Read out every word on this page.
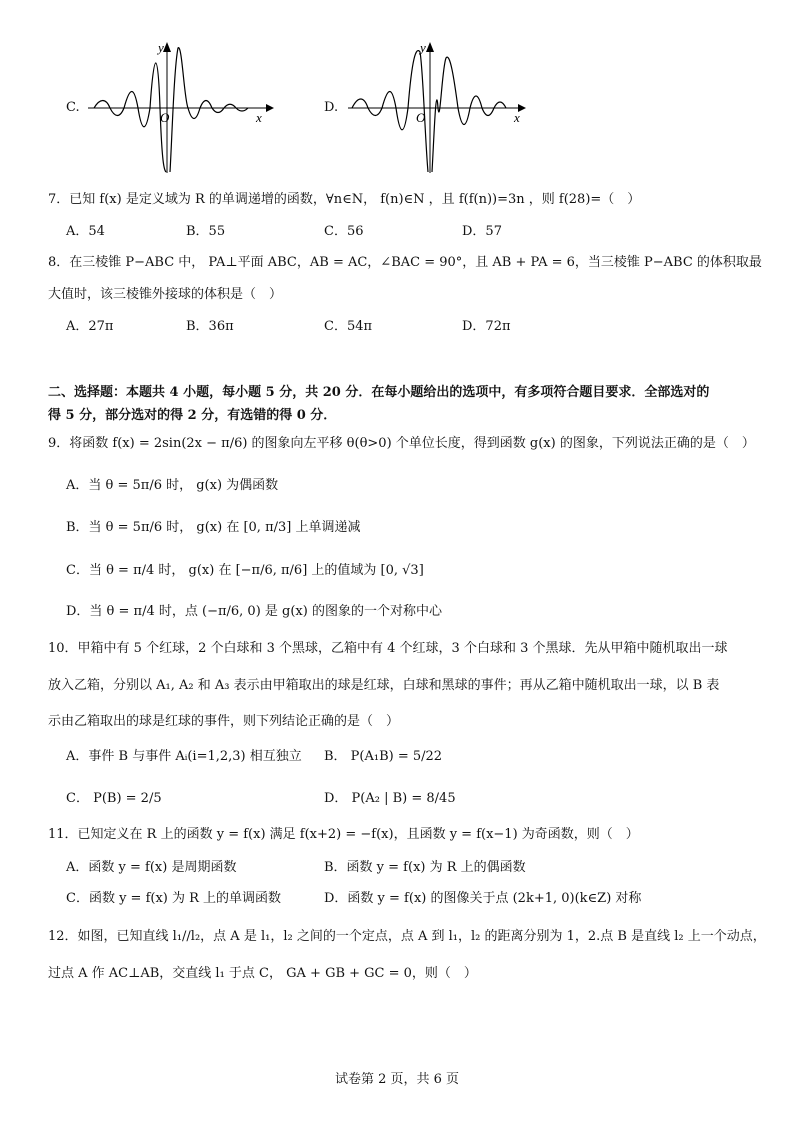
C.
y
x
O
D.
y
x
O
7．已知 f(x) 是定义域为 R 的单调递增的函数，∀n∈N， f(n)∈N ，且 f(f(n))=3n ，则 f(28)=（　）
A．54	B．55	C．56	D．57
8．在三棱锥 P−ABC 中， PA⊥平面 ABC，AB = AC，∠BAC = 90°，且 AB + PA = 6，当三棱锥 P−ABC 的体积取最
大值时，该三棱锥外接球的体积是（　）
A．27π	B．36π	C．54π	D．72π
二、选择题：本题共 4 小题，每小题 5 分，共 20 分．在每小题给出的选项中，有多项符合题目要求．全部选对的
得 5 分，部分选对的得 2 分，有选错的得 0 分．
9．将函数 f(x) = 2sin(2x − π/6) 的图象向左平移 θ(θ>0) 个单位长度，得到函数 g(x) 的图象，下列说法正确的是（　）
A．当 θ = 5π/6 时， g(x) 为偶函数
B．当 θ = 5π/6 时， g(x) 在 [0, π/3] 上单调递减
C．当 θ = π/4 时， g(x) 在 [−π/6, π/6] 上的值域为 [0, √3]
D．当 θ = π/4 时，点 (−π/6, 0) 是 g(x) 的图象的一个对称中心
10．甲箱中有 5 个红球，2 个白球和 3 个黑球，乙箱中有 4 个红球，3 个白球和 3 个黑球．先从甲箱中随机取出一球
放入乙箱，分别以 A₁, A₂ 和 A₃ 表示由甲箱取出的球是红球，白球和黑球的事件；再从乙箱中随机取出一球，以 B 表
示由乙箱取出的球是红球的事件，则下列结论正确的是（　）
A．事件 B 与事件 Aᵢ(i=1,2,3) 相互独立 B． P(A₁B) = 5/22
C． P(B) = 2/5	D． P(A₂ | B) = 8/45
11．已知定义在 R 上的函数 y = f(x) 满足 f(x+2) = −f(x)，且函数 y = f(x−1) 为奇函数，则（　）
A．函数 y = f(x) 是周期函数	B．函数 y = f(x) 为 R 上的偶函数
C．函数 y = f(x) 为 R 上的单调函数	D．函数 y = f(x) 的图像关于点 (2k+1, 0)(k∈Z) 对称
12．如图，已知直线 l₁//l₂，点 A 是 l₁，l₂ 之间的一个定点，点 A 到 l₁，l₂ 的距离分别为 1，2.点 B 是直线 l₂ 上一个动点，
过点 A 作 AC⊥AB，交直线 l₁ 于点 C， GA + GB + GC = 0，则（　）
试卷第 2 页，共 6 页
